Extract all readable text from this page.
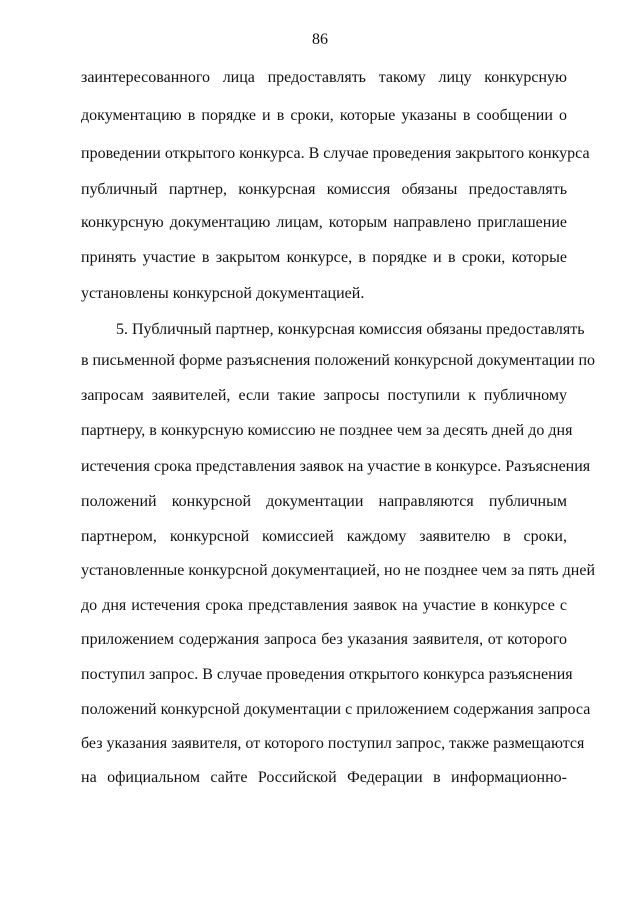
86
заинтересованного лица предоставлять такому лицу конкурсную
документацию в порядке и в сроки, которые указаны в сообщении о
проведении открытого конкурса. В случае проведения закрытого конкурса
публичный партнер, конкурсная комиссия обязаны предоставлять
конкурсную документацию лицам, которым направлено приглашение
принять участие в закрытом конкурсе, в порядке и в сроки, которые
установлены конкурсной документацией.
5. Публичный партнер, конкурсная комиссия обязаны предоставлять
в письменной форме разъяснения положений конкурсной документации по
запросам заявителей, если такие запросы поступили к публичному
партнеру, в конкурсную комиссию не позднее чем за десять дней до дня
истечения срока представления заявок на участие в конкурсе. Разъяснения
положений конкурсной документации направляются публичным
партнером, конкурсной комиссией каждому заявителю в сроки,
установленные конкурсной документацией, но не позднее чем за пять дней
до дня истечения срока представления заявок на участие в конкурсе с
приложением содержания запроса без указания заявителя, от которого
поступил запрос. В случае проведения открытого конкурса разъяснения
положений конкурсной документации с приложением содержания запроса
без указания заявителя, от которого поступил запрос, также размещаются
на официальном сайте Российской Федерации в информационно-
